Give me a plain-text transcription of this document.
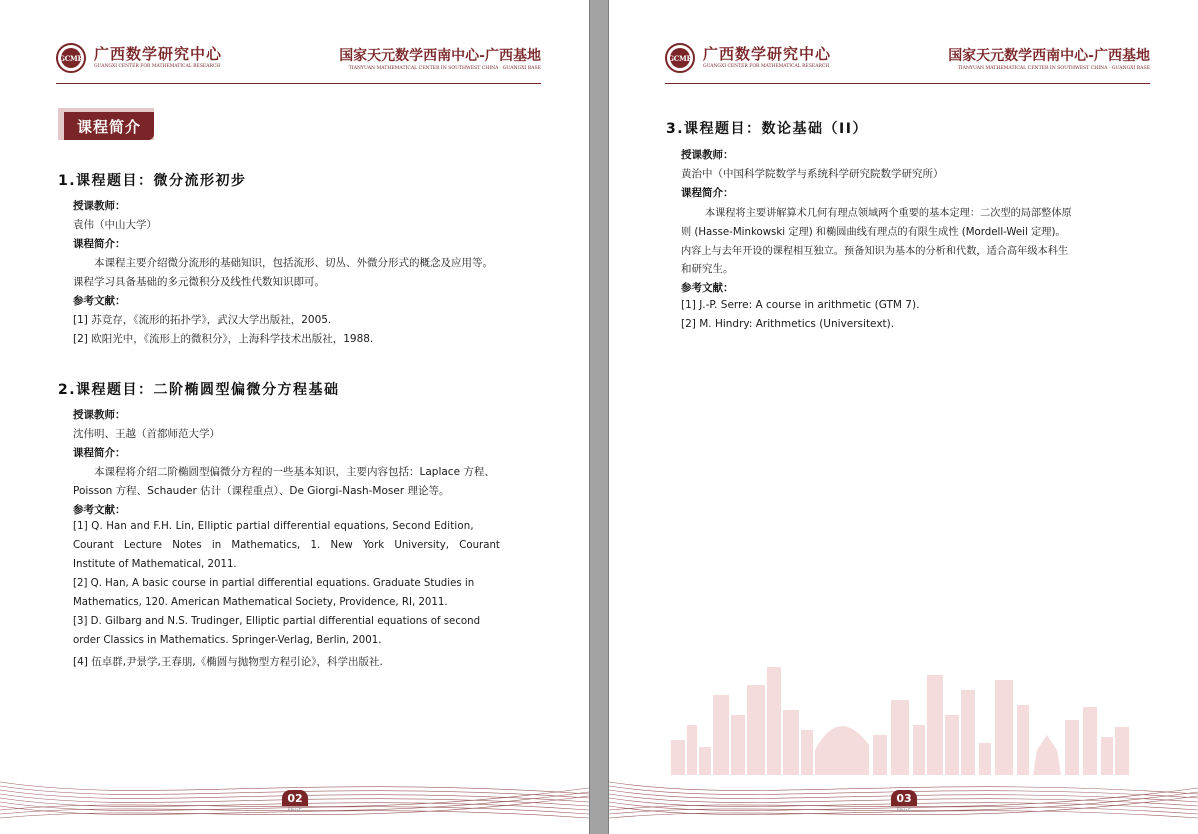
GCMR 广西数学研究中心
GUANGXI CENTER FOR MATHEMATICAL RESEARCH
国家天元数学西南中心-广西基地
TIANYUAN MATHEMATICAL CENTER IN SOUTHWEST CHINA · GUANGXI BASE
课程简介
1.课程题目：微分流形初步
授课教师：
袁伟（中山大学）
课程简介：
本课程主要介绍微分流形的基础知识，包括流形、切丛、外微分形式的概念及应用等。
课程学习具备基础的多元微积分及线性代数知识即可。
参考文献：
[1] 苏竞存，《流形的拓扑学》，武汉大学出版社，2005.
[2] 欧阳光中，《流形上的微积分》，上海科学技术出版社，1988.
2.课程题目：二阶椭圆型偏微分方程基础
授课教师：
沈伟明、王越（首都师范大学）
课程简介：
本课程将介绍二阶椭圆型偏微分方程的一些基本知识，主要内容包括：Laplace 方程、
Poisson 方程、Schauder 估计（课程重点）、De Giorgi-Nash-Moser 理论等。
参考文献：
[1] Q. Han and F.H. Lin, Elliptic partial differential equations, Second Edition,
Courant Lecture Notes in Mathematics, 1. New York University, Courant
Institute of Mathematical, 2011.
[2] Q. Han, A basic course in partial differential equations. Graduate Studies in
Mathematics, 120. American Mathematical Society, Providence, RI, 2011.
[3] D. Gilbarg and N.S. Trudinger, Elliptic partial differential equations of second
order Classics in Mathematics. Springer-Verlag, Berlin, 2001.
[4] 伍卓群,尹景学,王春朋,《椭圆与抛物型方程引论》，科学出版社.
02
PAGE
GCMR 广西数学研究中心
GUANGXI CENTER FOR MATHEMATICAL RESEARCH
国家天元数学西南中心-广西基地
TIANYUAN MATHEMATICAL CENTER IN SOUTHWEST CHINA · GUANGXI BASE
3.课程题目：数论基础（II）
授课教师：
黄治中（中国科学院数学与系统科学研究院数学研究所）
课程简介：
本课程将主要讲解算术几何有理点领域两个重要的基本定理：二次型的局部整体原
则 (Hasse-Minkowski 定理) 和椭圆曲线有理点的有限生成性 (Mordell-Weil 定理)。
内容上与去年开设的课程相互独立。预备知识为基本的分析和代数，适合高年级本科生
和研究生。
参考文献：
[1] J.-P. Serre: A course in arithmetic (GTM 7).
[2] M. Hindry: Arithmetics (Universitext).
03
PAGE
